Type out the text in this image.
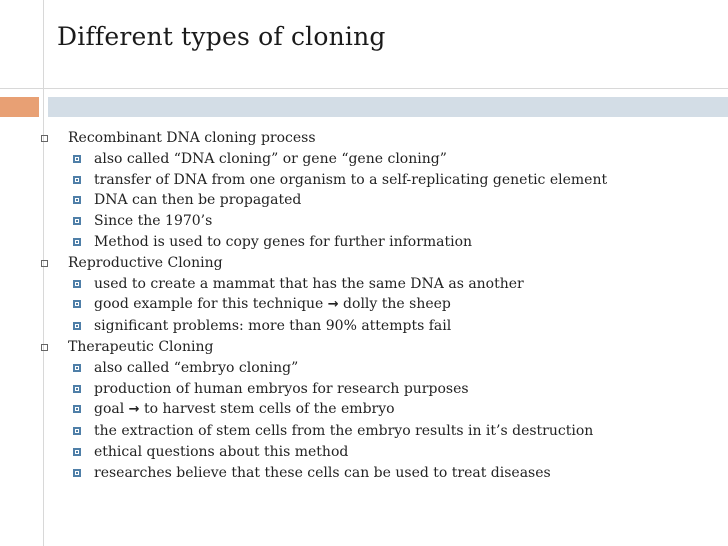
Different types of cloning
Recombinant DNA cloning process
also called “DNA cloning” or gene “gene cloning”
transfer of DNA from one organism to a self-replicating genetic element
DNA can then be propagated
Since the 1970’s
Method is used to copy genes for further information
Reproductive Cloning
used to create a mammat that has the same DNA as another
good example for this technique → dolly the sheep
significant problems: more than 90% attempts fail
Therapeutic Cloning
also called “embryo cloning”
production of human embryos for research purposes
goal → to harvest stem cells of the embryo
the extraction of stem cells from the embryo results in it’s destruction
ethical questions about this method
researches believe that these cells can be used to treat diseases
